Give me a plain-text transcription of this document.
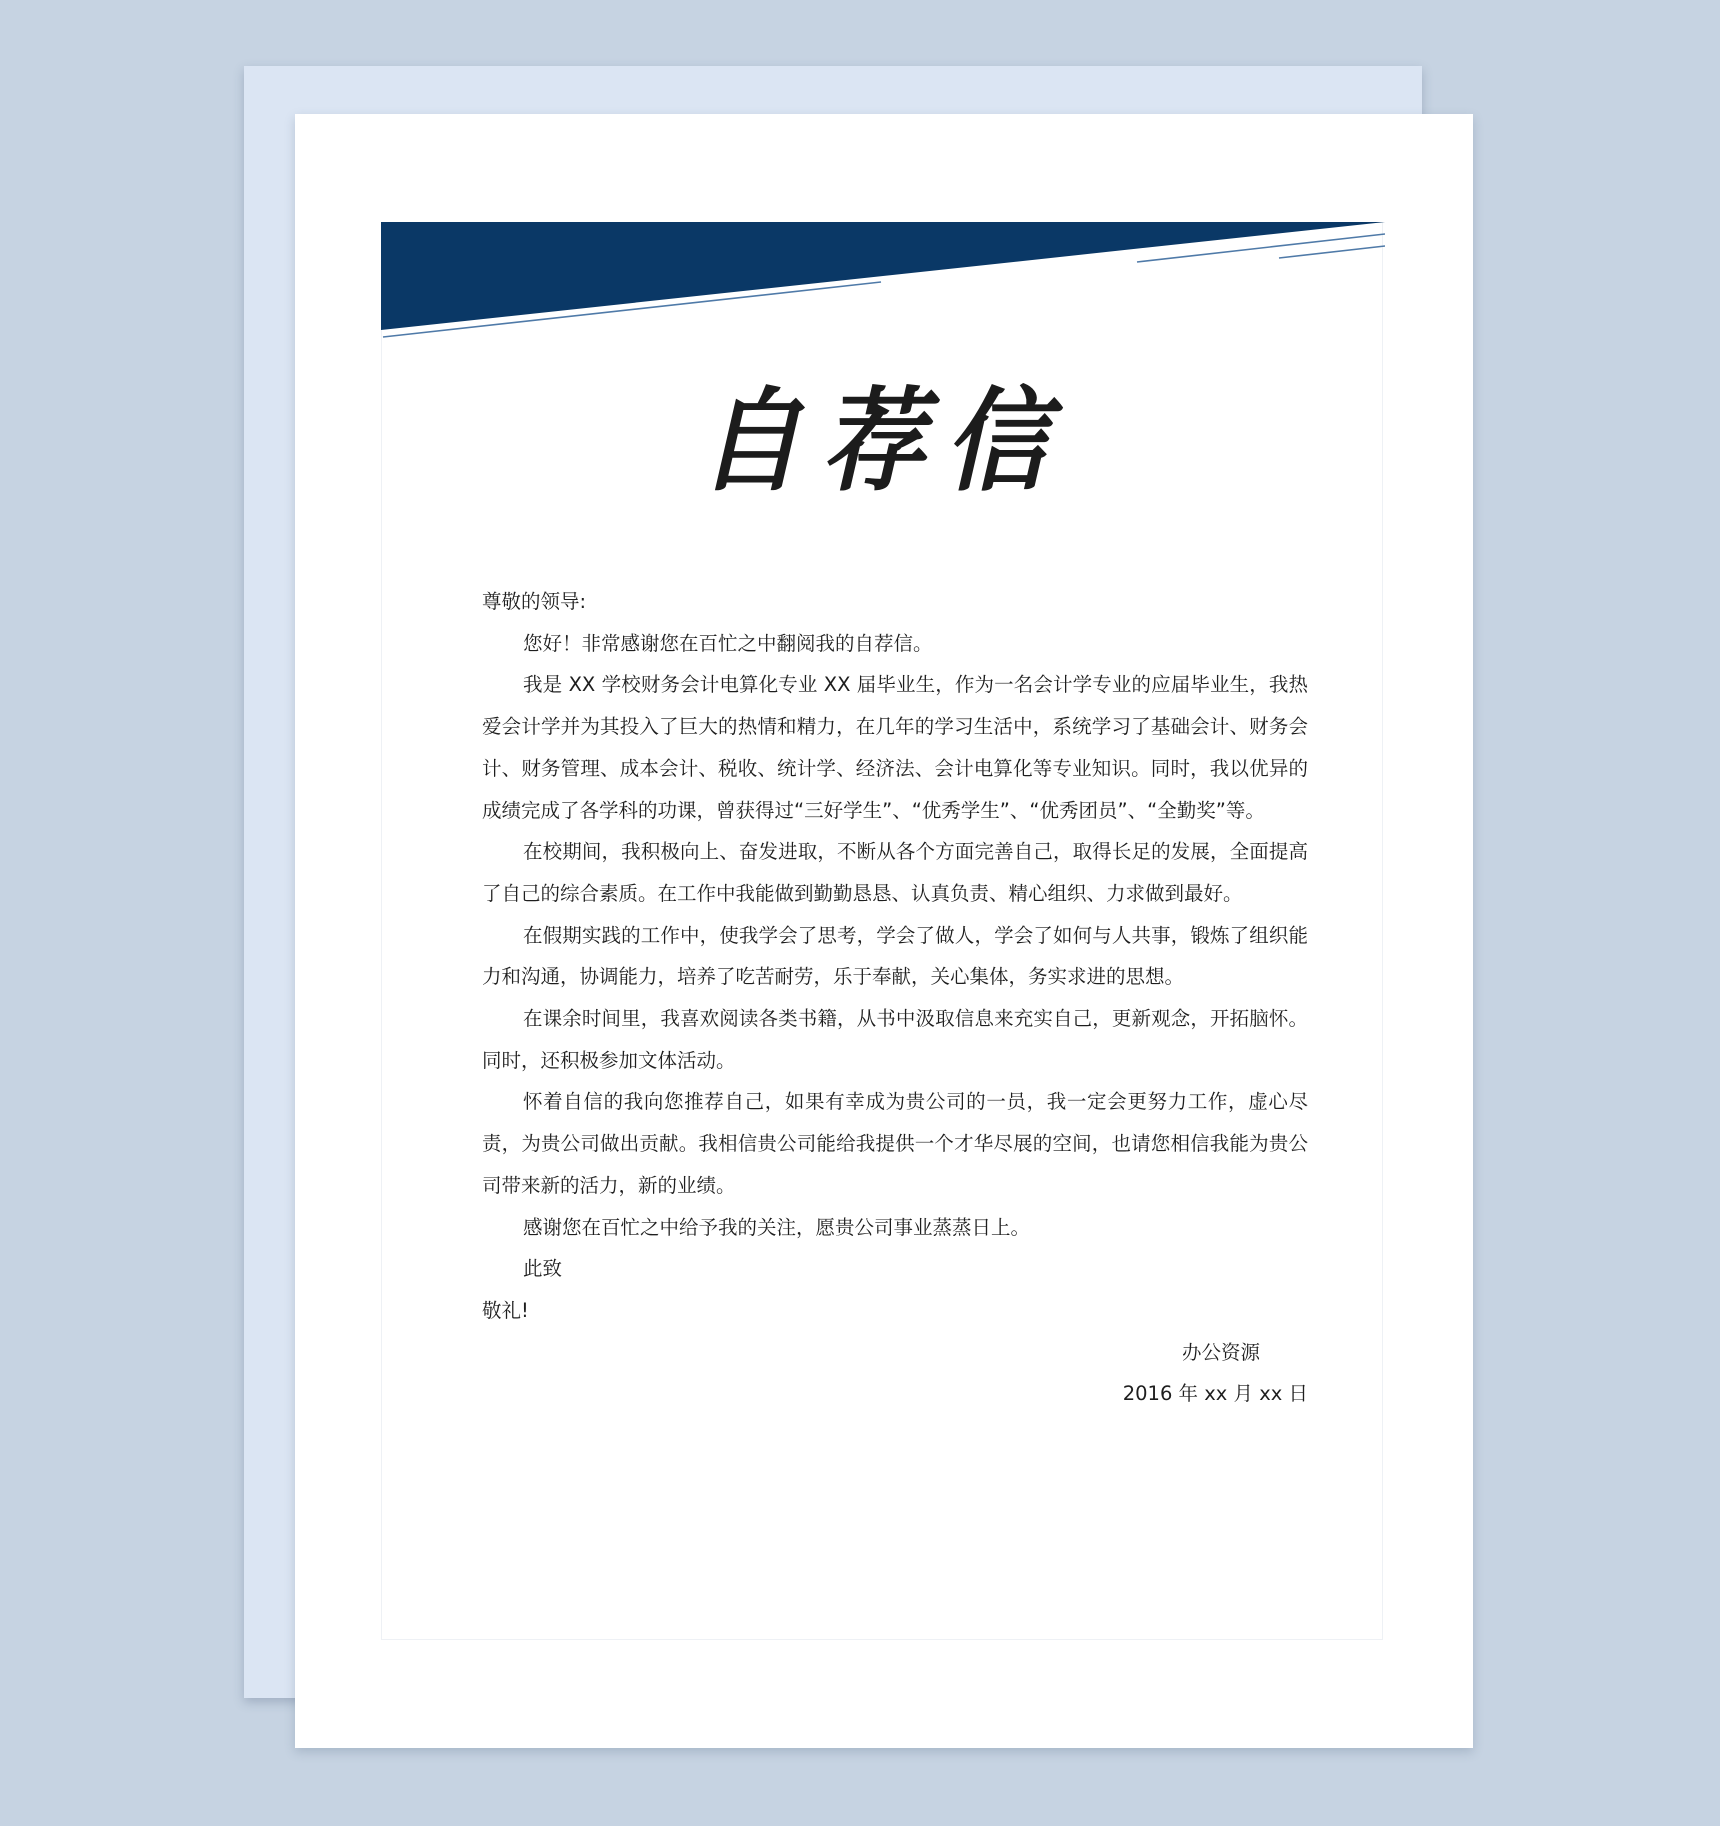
自荐信

尊敬的领导:

您好！非常感谢您在百忙之中翻阅我的自荐信。

我是 XX 学校财务会计电算化专业 XX 届毕业生，作为一名会计学专业的应届毕业生，我热爱会计学并为其投入了巨大的热情和精力，在几年的学习生活中，系统学习了基础会计、财务会计、财务管理、成本会计、税收、统计学、经济法、会计电算化等专业知识。同时，我以优异的成绩完成了各学科的功课，曾获得过“三好学生”、“优秀学生”、“优秀团员”、“全勤奖”等。

在校期间，我积极向上、奋发进取，不断从各个方面完善自己，取得长足的发展，全面提高了自己的综合素质。在工作中我能做到勤勤恳恳、认真负责、精心组织、力求做到最好。

在假期实践的工作中，使我学会了思考，学会了做人，学会了如何与人共事，锻炼了组织能力和沟通，协调能力，培养了吃苦耐劳，乐于奉献，关心集体，务实求进的思想。

在课余时间里，我喜欢阅读各类书籍，从书中汲取信息来充实自己，更新观念，开拓脑怀。同时，还积极参加文体活动。

怀着自信的我向您推荐自己，如果有幸成为贵公司的一员，我一定会更努力工作，虚心尽责，为贵公司做出贡献。我相信贵公司能给我提供一个才华尽展的空间，也请您相信我能为贵公司带来新的活力，新的业绩。

感谢您在百忙之中给予我的关注，愿贵公司事业蒸蒸日上。

此致

敬礼!

办公资源

2016 年 xx 月 xx 日
